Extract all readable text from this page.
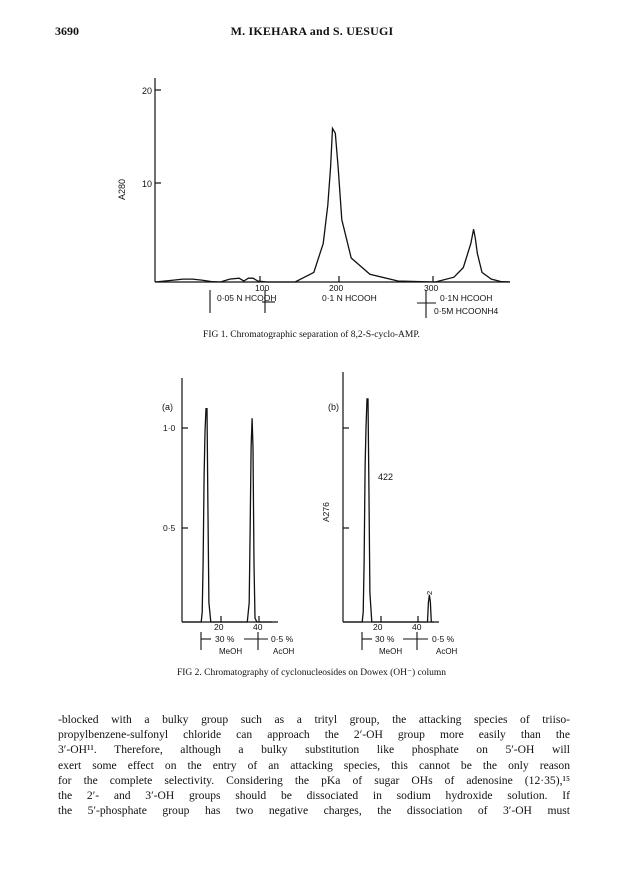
3690	M. IKEHARA and S. UESUGI
20
10
A280
100	200	300
0·05 N HCOOH	0·1 N HCOOH	0·1N HCOOH
0·5M HCOONH4
(a)
1·0
0·5
20	40
30 %
MeOH
0·5 %
AcOH
(b)
A276
20	40
422
2
30 %
MeOH
0·5 %
AcOH
FIG 1. Chromatographic separation of 8,2-S-cyclo-AMP.
FIG 2. Chromatography of cyclonucleosides on Dowex (OH⁻) column

-blocked with a bulky group such as a trityl group, the attacking species of triiso-
propylbenzene-sulfonyl chloride can approach the 2′-OH group more easily than the
3′-OH¹¹. Therefore, although a bulky substitution like phosphate on 5′-OH will
exert some effect on the entry of an attacking species, this cannot be the only reason
for the complete selectivity. Considering the pKa of sugar OHs of adenosine (12·35),¹⁵
the 2′- and 3′-OH groups should be dissociated in sodium hydroxide solution. If
the 5′-phosphate group has two negative charges, the dissociation of 3′-OH must
